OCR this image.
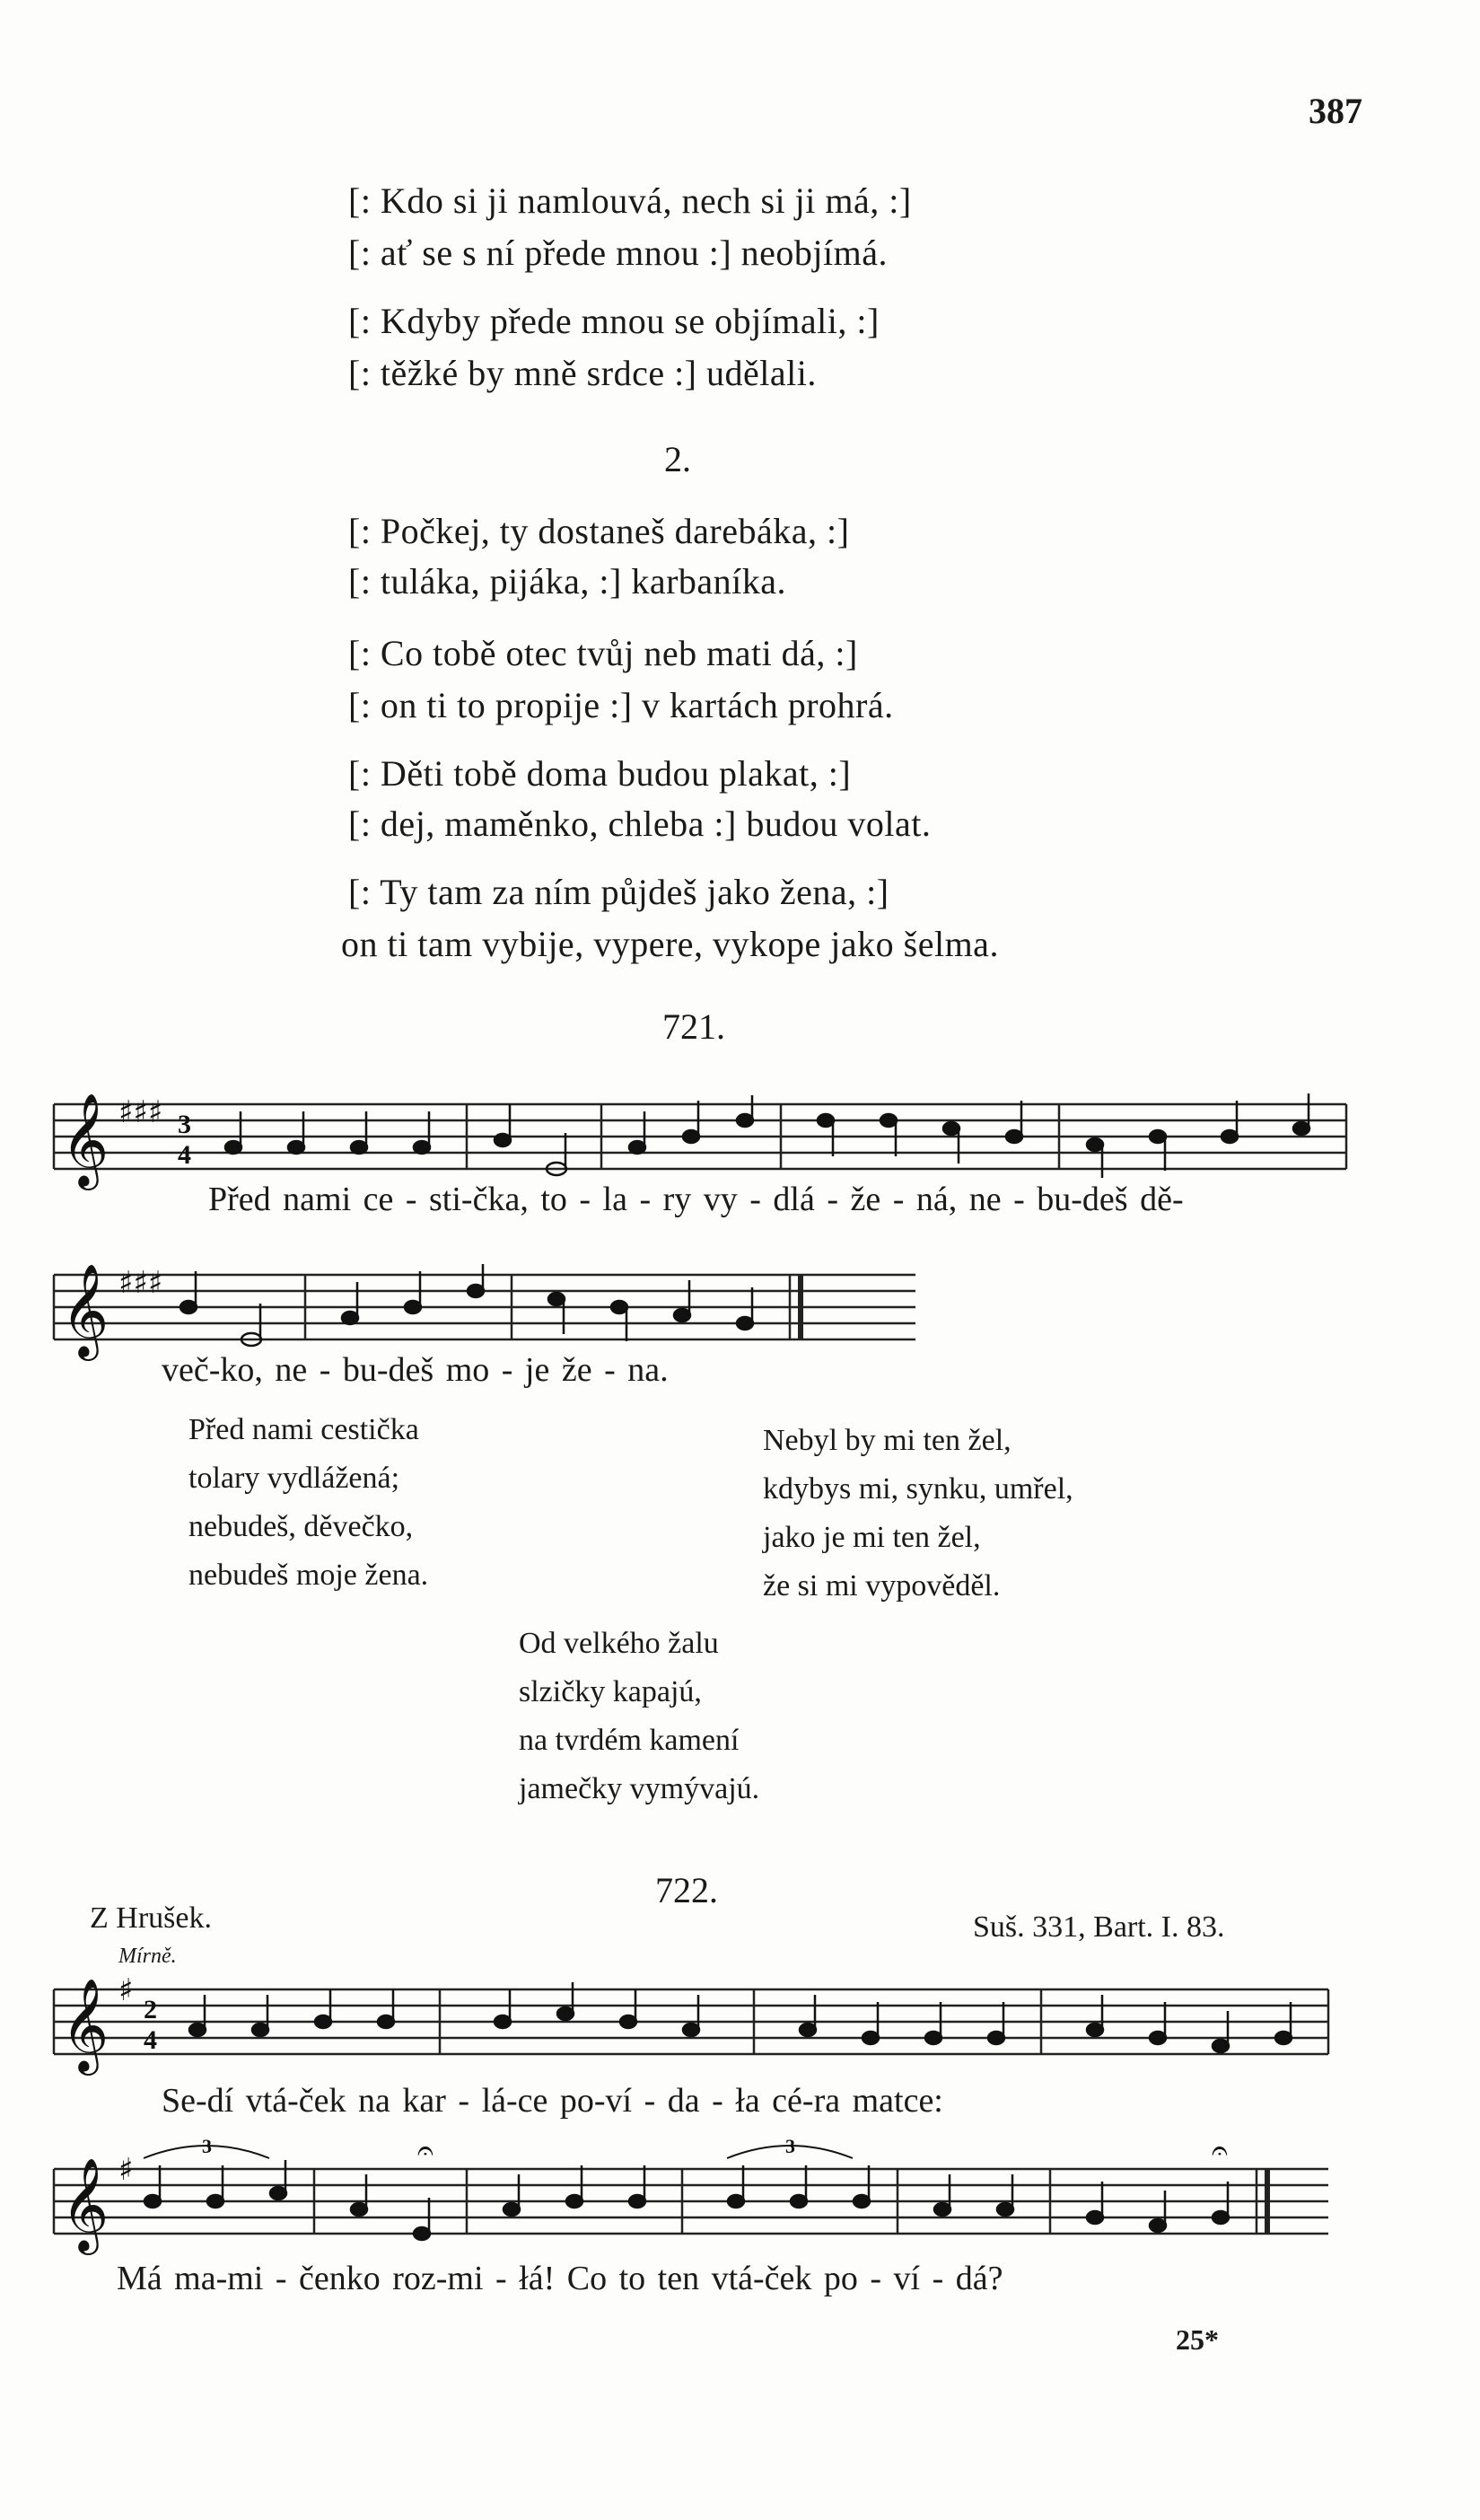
387
[: Kdo si ji namlouvá, nech si ji má, :]
[: ať se s ní přede mnou :] neobjímá.
[: Kdyby přede mnou se objímali, :]
[: těžké by mně srdce :] udělali.
2.
[: Počkej, ty dostaneš darebáka, :]
[: tuláka, pijáka, :] karbaníka.
[: Co tobě otec tvůj neb mati dá, :]
[: on ti to propije :] v kartách prohrá.
[: Děti tobě doma budou plakat, :]
[: dej, maměnko, chleba :] budou volat.
[: Ty tam za ním půjdeš jako žena, :]
on ti tam vybije, vypere, vykope jako šelma.
721.
𝄞 ♯♯♯ 3
4
Před nami ce - sti-čka, to - la - ry vy - dlá - že - ná, ne - bu-deš dě-
𝄞 ♯♯♯
več-ko, ne - bu-deš mo - je že - na.
Před nami cestička
tolary vydlážená;
nebudeš, děvečko,
nebudeš moje žena.
Nebyl by mi ten žel,
kdybys mi, synku, umřel,
jako je mi ten žel,
že si mi vypověděl.
Od velkého žalu
slzičky kapajú,
na tvrdém kamení
jamečky vymývajú.
722.
Z Hrušek.	Suš. 331, Bart. I. 83.
Mírně.
𝄞 ♯
2
4
Se-dí vtá-ček na kar - lá-ce po-ví - da - ła cé-ra matce:
𝄞 ♯
3	3
𝄐	𝄐
Má ma-mi - čenko roz-mi - łá! Co to ten vtá-ček po - ví - dá?
25*
